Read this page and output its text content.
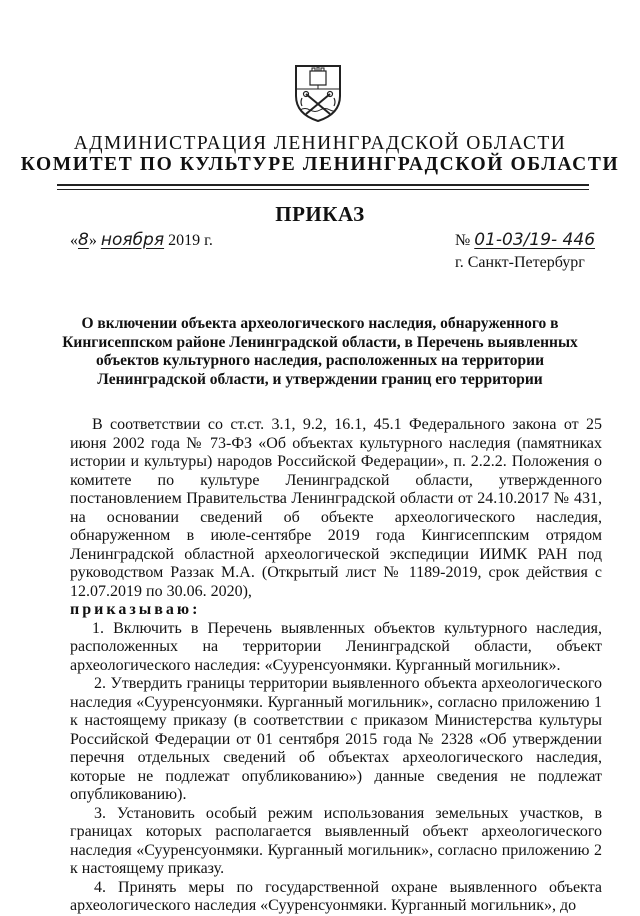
АДМИНИСТРАЦИЯ ЛЕНИНГРАДСКОЙ ОБЛАСТИ
КОМИТЕТ ПО КУЛЬТУРЕ ЛЕНИНГРАДСКОЙ ОБЛАСТИ
ПРИКАЗ
«8» ноября 2019 г.	№ 01-03/19- 446
г. Санкт-Петербург
О включении объекта археологического наследия, обнаруженного в
Кингисеппском районе Ленинградской области, в Перечень выявленных
объектов культурного наследия, расположенных на территории
Ленинградской области, и утверждении границ его территории

В соответствии со ст.ст. 3.1, 9.2, 16.1, 45.1 Федерального закона от 25 июня 2002 года № 73-ФЗ «Об объектах культурного наследия (памятниках истории и культуры) народов Российской Федерации», п. 2.2.2. Положения о комитете по культуре Ленинградской области, утвержденного постановлением Правительства Ленинградской области от 24.10.2017 № 431, на основании сведений об объекте археологического наследия, обнаруженном в июле-сентябре 2019 года Кингисеппским отрядом Ленинградской областной археологической экспедиции ИИМК РАН под руководством Раззак М.А. (Открытый лист № 1189-2019, срок действия с 12.07.2019 по 30.06. 2020),

приказываю:

1. Включить в Перечень выявленных объектов культурного наследия, расположенных на территории Ленинградской области, объект археологического наследия: «Сууренсуонмяки. Курганный могильник».

2. Утвердить границы территории выявленного объекта археологического наследия «Сууренсуонмяки. Курганный могильник», согласно приложению 1 к настоящему приказу (в соответствии с приказом Министерства культуры Российской Федерации от 01 сентября 2015 года № 2328 «Об утверждении перечня отдельных сведений об объектах археологического наследия, которые не подлежат опубликованию») данные сведения не подлежат опубликованию).

3. Установить особый режим использования земельных участков, в границах которых располагается выявленный объект археологического наследия «Сууренсуонмяки. Курганный могильник», согласно приложению 2 к настоящему приказу.

4. Принять меры по государственной охране выявленного объекта археологического наследия «Сууренсуонмяки. Курганный могильник», до
